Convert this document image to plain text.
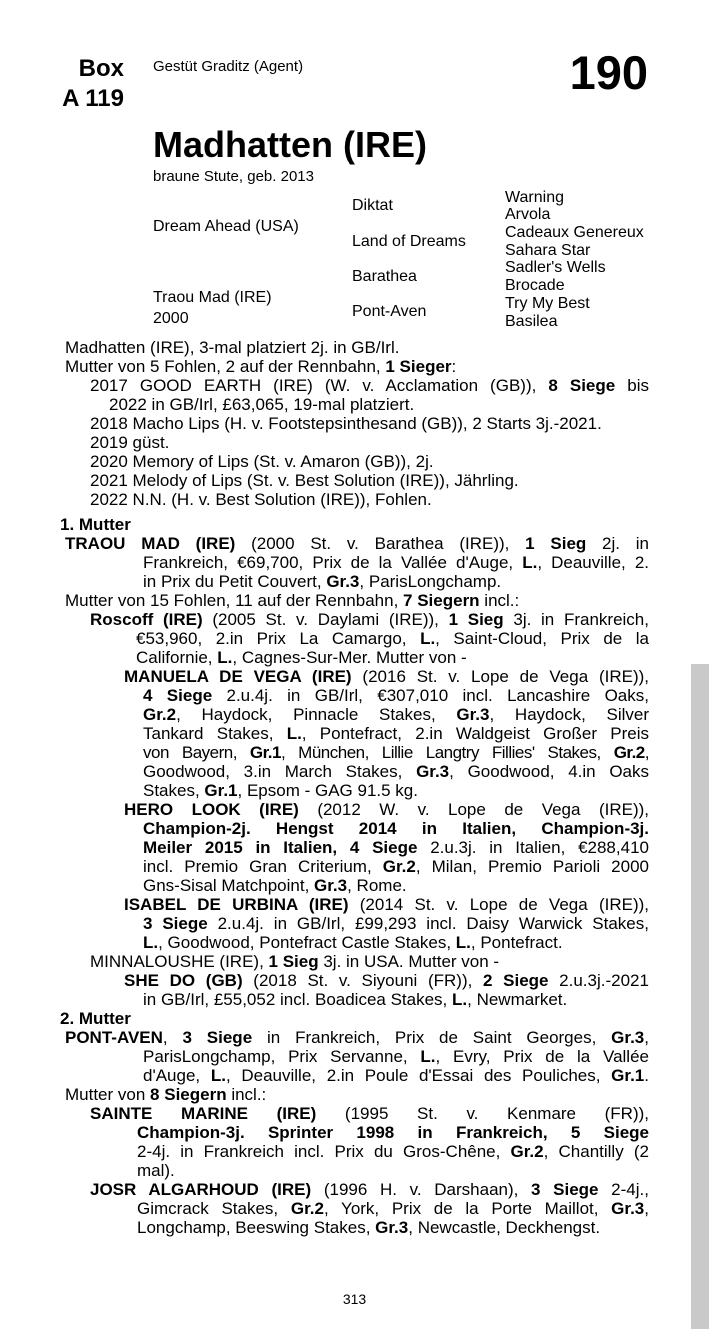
Box
A 119
Gestüt Graditz (Agent)	190
Madhatten (IRE)
braune Stute, geb. 2013
Dream Ahead (USA)
Traou Mad (IRE)
2000
Diktat
Land of Dreams
Barathea
Pont-Aven
Warning
Arvola
Cadeaux Genereux
Sahara Star
Sadler's Wells
Brocade
Try My Best
Basilea
Madhatten (IRE), 3-mal platziert 2j. in GB/Irl.
Mutter von 5 Fohlen, 2 auf der Rennbahn, 1 Sieger:
2017 GOOD EARTH (IRE) (W. v. Acclamation (GB)), 8 Siege bis
2022 in GB/Irl, £63,065, 19-mal platziert.
2018 Macho Lips (H. v. Footstepsinthesand (GB)), 2 Starts 3j.-2021.
2019 güst.
2020 Memory of Lips (St. v. Amaron (GB)), 2j.
2021 Melody of Lips (St. v. Best Solution (IRE)), Jährling.
2022 N.N. (H. v. Best Solution (IRE)), Fohlen.
1. Mutter
TRAOU MAD (IRE) (2000 St. v. Barathea (IRE)), 1 Sieg 2j. in
Frankreich, €69,700, Prix de la Vallée d'Auge, L., Deauville, 2.
in Prix du Petit Couvert, Gr.3, ParisLongchamp.
Mutter von 15 Fohlen, 11 auf der Rennbahn, 7 Siegern incl.:
Roscoff (IRE) (2005 St. v. Daylami (IRE)), 1 Sieg 3j. in Frankreich,
€53,960, 2.in Prix La Camargo, L., Saint-Cloud, Prix de la
Californie, L., Cagnes-Sur-Mer. Mutter von -
MANUELA DE VEGA (IRE) (2016 St. v. Lope de Vega (IRE)),
4 Siege 2.u.4j. in GB/Irl, €307,010 incl. Lancashire Oaks,
Gr.2, Haydock, Pinnacle Stakes, Gr.3, Haydock, Silver
Tankard Stakes, L., Pontefract, 2.in Waldgeist Großer Preis
von Bayern, Gr.1, München, Lillie Langtry Fillies' Stakes, Gr.2,
Goodwood, 3.in March Stakes, Gr.3, Goodwood, 4.in Oaks
Stakes, Gr.1, Epsom - GAG 91.5 kg.
HERO LOOK (IRE) (2012 W. v. Lope de Vega (IRE)),
Champion-2j. Hengst 2014 in Italien, Champion-3j.
Meiler 2015 in Italien, 4 Siege 2.u.3j. in Italien, €288,410
incl. Premio Gran Criterium, Gr.2, Milan, Premio Parioli 2000
Gns-Sisal Matchpoint, Gr.3, Rome.
ISABEL DE URBINA (IRE) (2014 St. v. Lope de Vega (IRE)),
3 Siege 2.u.4j. in GB/Irl, £99,293 incl. Daisy Warwick Stakes,
L., Goodwood, Pontefract Castle Stakes, L., Pontefract.
MINNALOUSHE (IRE), 1 Sieg 3j. in USA. Mutter von -
SHE DO (GB) (2018 St. v. Siyouni (FR)), 2 Siege 2.u.3j.-2021
in GB/Irl, £55,052 incl. Boadicea Stakes, L., Newmarket.
2. Mutter
PONT-AVEN, 3 Siege in Frankreich, Prix de Saint Georges, Gr.3,
ParisLongchamp, Prix Servanne, L., Evry, Prix de la Vallée
d'Auge, L., Deauville, 2.in Poule d'Essai des Pouliches, Gr.1.
Mutter von 8 Siegern incl.:
SAINTE MARINE (IRE) (1995 St. v. Kenmare (FR)),
Champion-3j. Sprinter 1998 in Frankreich, 5 Siege
2-4j. in Frankreich incl. Prix du Gros-Chêne, Gr.2, Chantilly (2
mal).
JOSR ALGARHOUD (IRE) (1996 H. v. Darshaan), 3 Siege 2-4j.,
Gimcrack Stakes, Gr.2, York, Prix de la Porte Maillot, Gr.3,
Longchamp, Beeswing Stakes, Gr.3, Newcastle, Deckhengst.
313
